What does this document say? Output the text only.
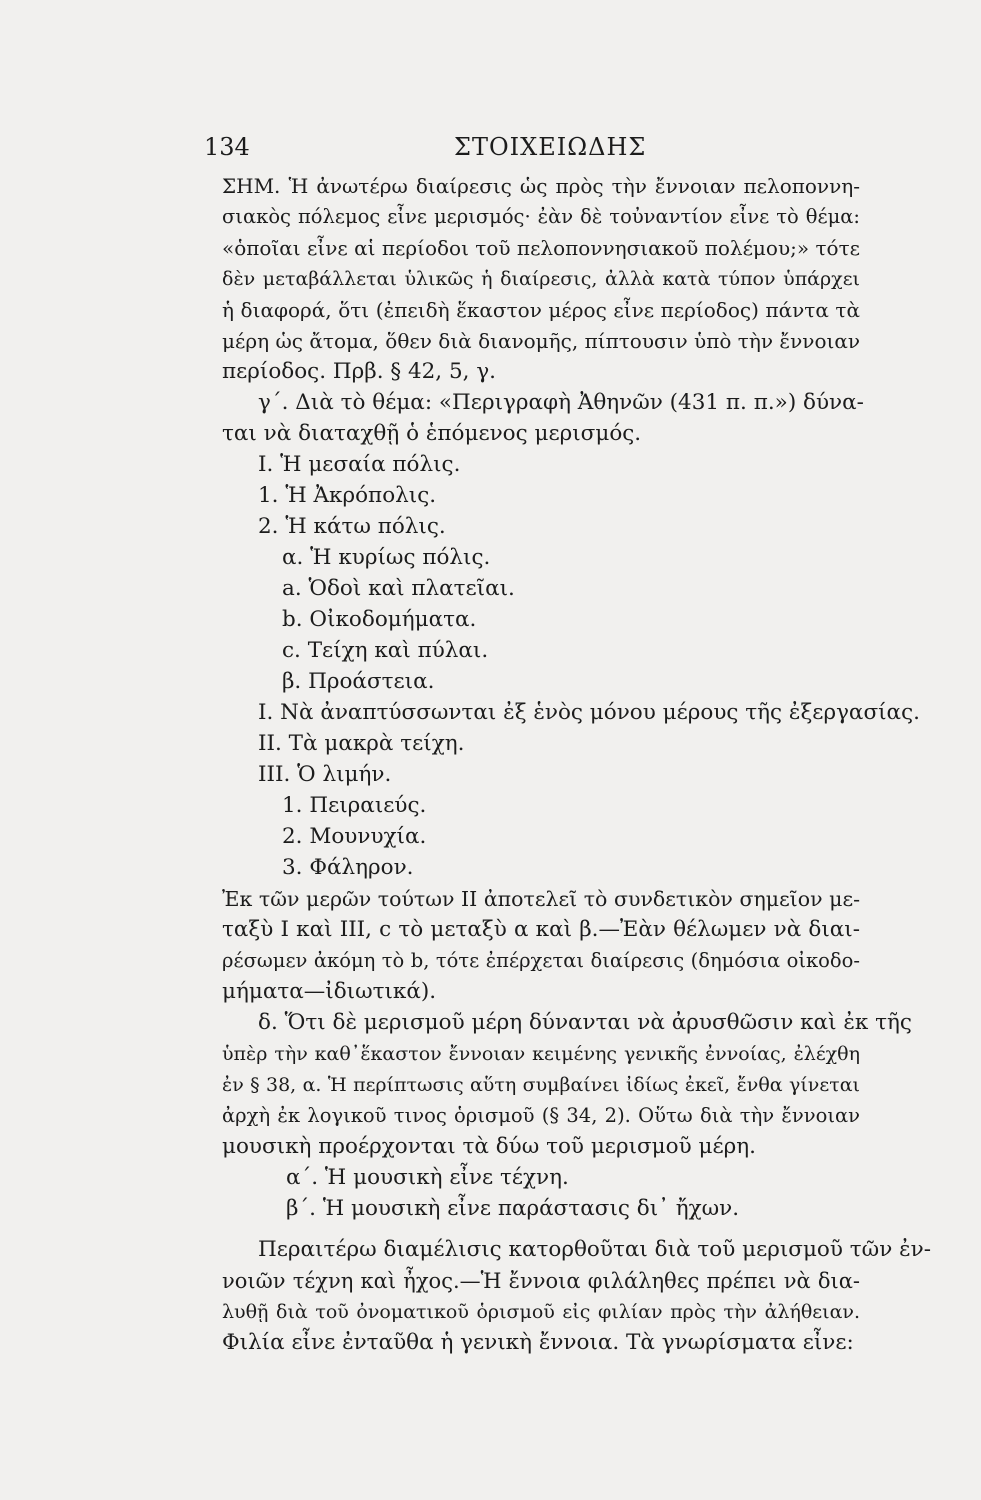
134	ΣΤΟΙΧΕΙΩΔΗΣ
ΣΗΜ. Ἡ ἀνωτέρω διαίρεσις ὡς πρὸς τὴν ἔννοιαν πελοποννη-
σιακὸς πόλεμος εἶνε μερισμός· ἐὰν δὲ τοὐναντίον εἶνε τὸ θέμα:
«ὁποῖαι εἶνε αἱ περίοδοι τοῦ πελοποννησιακοῦ πολέμου;» τότε
δὲν μεταβάλλεται ὑλικῶς ἡ διαίρεσις, ἀλλὰ κατὰ τύπον ὑπάρχει
ἡ διαφορά, ὅτι (ἐπειδὴ ἕκαστον μέρος εἶνε περίοδος) πάντα τὰ
μέρη ὡς ἄτομα, ὅθεν διὰ διανομῆς, πίπτουσιν ὑπὸ τὴν ἔννοιαν
περίοδος. Πρβ. § 42, 5, γ.
γ΄. Διὰ τὸ θέμα: «Περιγραφὴ Ἀθηνῶν (431 π. π.») δύνα-
ται νὰ διαταχθῇ ὁ ἑπόμενος μερισμός.
I. Ἡ μεσαία πόλις.
1. Ἡ Ἀκρόπολις.
2. Ἡ κάτω πόλις.
α. Ἡ κυρίως πόλις.
a. Ὁδοὶ καὶ πλατεῖαι.
b. Οἰκοδομήματα.
c. Τείχη καὶ πύλαι.
β. Προάστεια.
I. Νὰ ἀναπτύσσωνται ἐξ ἑνὸς μόνου μέρους τῆς ἐξεργασίας.
II. Τὰ μακρὰ τείχη.
III. Ὁ λιμήν.
1. Πειραιεύς.
2. Μουνυχία.
3. Φάληρον.
Ἐκ τῶν μερῶν τούτων II ἀποτελεῖ τὸ συνδετικὸν σημεῖον με-
ταξὺ I καὶ III, c τὸ μεταξὺ α καὶ β.—Ἐὰν θέλωμεν νὰ διαι-
ρέσωμεν ἀκόμη τὸ b, τότε ἐπέρχεται διαίρεσις (δημόσια οἰκοδο-
μήματα—ἰδιωτικά).
δ. Ὅτι δὲ μερισμοῦ μέρη δύνανται νὰ ἀρυσθῶσιν καὶ ἐκ τῆς
ὑπὲρ τὴν καθ᾽ἕκαστον ἔννοιαν κειμένης γενικῆς ἐννοίας, ἐλέχθη
ἐν § 38, α. Ἡ περίπτωσις αὕτη συμβαίνει ἰδίως ἐκεῖ, ἔνθα γίνεται
ἀρχὴ ἐκ λογικοῦ τινος ὁρισμοῦ (§ 34, 2). Οὕτω διὰ τὴν ἔννοιαν
μουσικὴ προέρχονται τὰ δύω τοῦ μερισμοῦ μέρη.
α΄. Ἡ μουσικὴ εἶνε τέχνη.
β΄. Ἡ μουσικὴ εἶνε παράστασις δι᾽ ἤχων.
Περαιτέρω διαμέλισις κατορθοῦται διὰ τοῦ μερισμοῦ τῶν ἐν-
νοιῶν τέχνη καὶ ἦχος.—Ἡ ἔννοια φιλάληθες πρέπει νὰ δια-
λυθῇ διὰ τοῦ ὀνοματικοῦ ὁρισμοῦ εἰς φιλίαν πρὸς τὴν ἀλήθειαν.
Φιλία εἶνε ἐνταῦθα ἡ γενικὴ ἔννοια. Τὰ γνωρίσματα εἶνε:
